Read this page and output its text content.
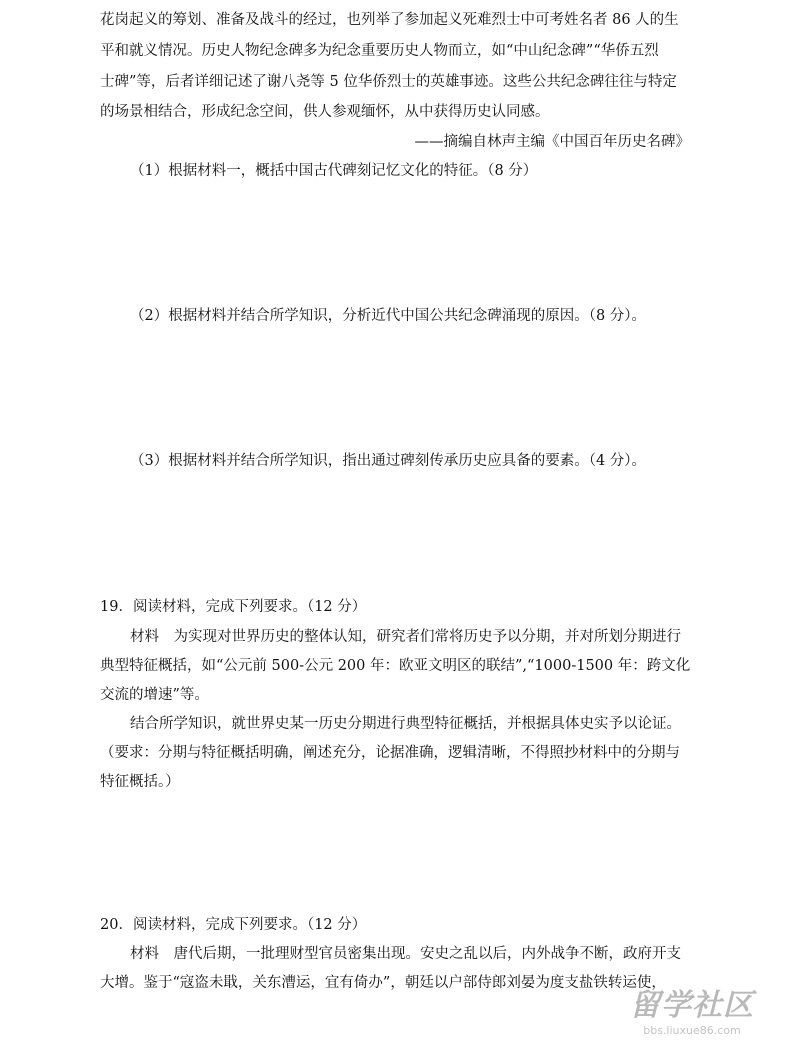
花岗起义的筹划、准备及战斗的经过，也列举了参加起义死难烈士中可考姓名者 86 人的生
平和就义情况。历史人物纪念碑多为纪念重要历史人物而立，如“中山纪念碑”“华侨五烈
士碑”等，后者详细记述了谢八尧等 5 位华侨烈士的英雄事迹。这些公共纪念碑往往与特定
的场景相结合，形成纪念空间，供人参观缅怀，从中获得历史认同感。
——摘编自林声主编《中国百年历史名碑》
（1）根据材料一，概括中国古代碑刻记忆文化的特征。（8 分）
（2）根据材料并结合所学知识，分析近代中国公共纪念碑涌现的原因。（8 分）。
（3）根据材料并结合所学知识，指出通过碑刻传承历史应具备的要素。（4 分）。
19．阅读材料，完成下列要求。（12 分）
材料　为实现对世界历史的整体认知，研究者们常将历史予以分期，并对所划分期进行
典型特征概括，如“公元前 500-公元 200 年：欧亚文明区的联结”,“1000-1500 年：跨文化
交流的增速”等。
结合所学知识，就世界史某一历史分期进行典型特征概括，并根据具体史实予以论证。
（要求：分期与特征概括明确，阐述充分，论据准确，逻辑清晰，不得照抄材料中的分期与
特征概括。）
20．阅读材料，完成下列要求。（12 分）
材料　唐代后期，一批理财型官员密集出现。安史之乱以后，内外战争不断，政府开支
大增。鉴于“寇盗未戢，关东漕运，宜有倚办”，朝廷以户部侍郎刘晏为度支盐铁转运使，
留学社区
bbs.liuxue86.com
